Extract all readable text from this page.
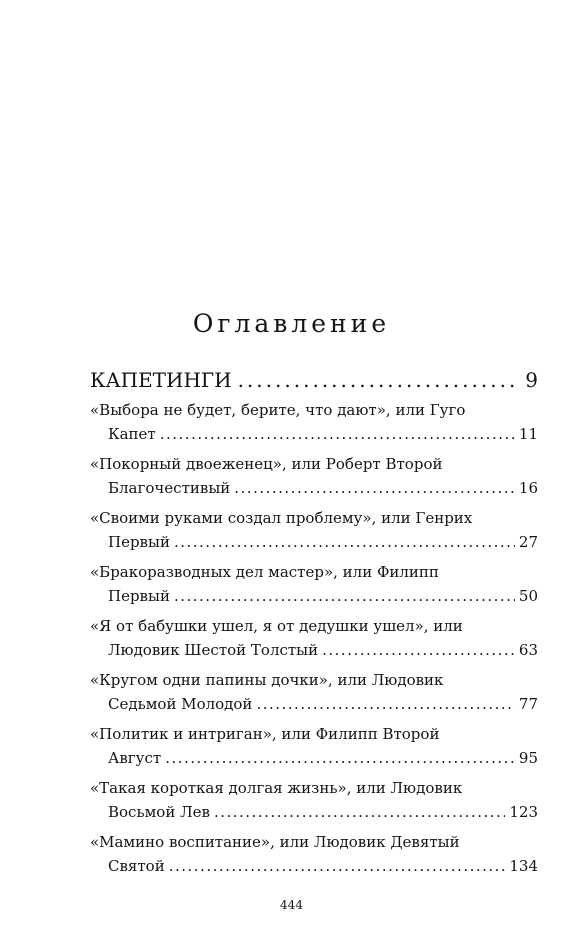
Оглавление
КАПЕТИНГИ .....	9
«Выбора не будет, берите, что дают», или Гуго
Капет .....	11
«Покорный двоеженец», или Роберт Второй
Благочестивый .....	16
«Своими руками создал проблему», или Генрих
Первый .....	27
«Бракоразводных дел мастер», или Филипп
Первый .....	50
«Я от бабушки ушел, я от дедушки ушел», или
Людовик Шестой Толстый .....	63
«Кругом одни папины дочки», или Людовик
Седьмой Молодой .....	77
«Политик и интриган», или Филипп Второй
Август .....	95
«Такая короткая долгая жизнь», или Людовик
Восьмой Лев .....	123
«Мамино воспитание», или Людовик Девятый
Святой .....	134
444
